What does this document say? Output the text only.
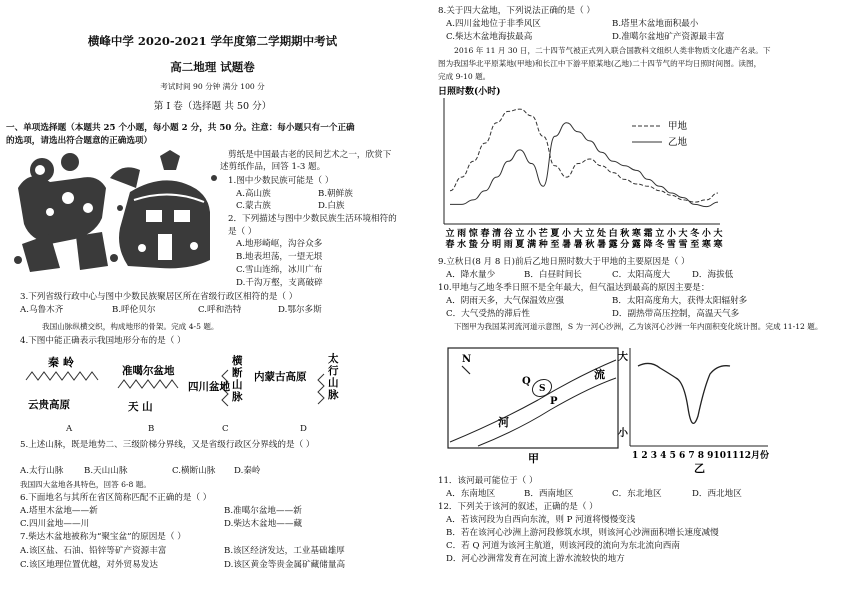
横峰中学 2020-2021 学年度第二学期期中考试
高二地理 试题卷
考试时间 90 分钟 满分 100 分
第 Ⅰ 卷（选择题 共 50 分）
一、单项选择题（本题共 25 个小题，每小题 2 分，共 50 分。注意：每小题只有一个正确
的选项，请选出符合题意的正确选项）
剪纸是中国最古老的民间艺术之一，欣赏下
述剪纸作品，回答 1-3 题。
1.图中少数民族可能是（ ）
A.高山族	B.朝鲜族
C.蒙古族	D.白族
2．下列描述与图中少数民族生活环境相符的
是（ ）
A.地形崎岖，沟谷众多
B.地表坦荡，一望无垠
C.雪山连绵，冰川广布
D.千沟万壑，支离破碎
3.下列省级行政中心与图中少数民族聚居区所在省级行政区相符的是（ ）
A.乌鲁木齐	B.呼伦贝尔	C.呼和浩特	D.鄂尔多斯
我国山脉纵横交织，构成地形的骨架。完成 4-5 题。
4.下图中能正确表示我国地形分布的是（ ）
秦 岭
云贵高原
准噶尔盆地
天 山
四川盆地
内蒙古高原
横
断
山
脉
太
行
山
脉
A	B	C	D
5.上述山脉，既是地势二、三级阶梯分界线，又是省级行政区分界线的是（ ）
A.太行山脉 B.天山山脉	C.横断山脉 D.秦岭
我国四大盆地各具特色，回答 6-8 题。
6.下面地名与其所在省区简称匹配不正确的是（ ）
A.塔里木盆地——新	B.准噶尔盆地——新
C.四川盆地——川	D.柴达木盆地——藏
7.柴达木盆地被称为“聚宝盆”的原因是（ ）
A.该区盐、石油、铅锌等矿产资源丰富	B.该区经济发达，工业基础雄厚
C.该区地理位置优越，对外贸易发达	D.该区黄金等贵金属矿藏储量高
8.关于四大盆地，下列说法正确的是（ ）
A.四川盆地位于非季风区	B.塔里木盆地面积最小
C.柴达木盆地海拔最高	D.准噶尔盆地矿产资源最丰富
2016 年 11 月 30 日，二十四节气被正式列入联合国教科文组织人类非物质文化遗产名录。下
图为我国华北平原某地(甲地)和长江中下游平原某地(乙地)二十四节气的平均日照时间图。读图，
完成 9-10 题。
日照时数(小时)
甲地
乙地
立
春
雨
水
惊
蛰
春
分
清
明
谷
雨
立
夏
小
满
芒
种
夏
至
小
暑
大
暑
立
秋
处
暑
白
露
秋
分
寒
露
霜
降
立
冬
小
雪
大
雪
冬
至
小
寒
大
寒
9.立秋日(8 月 8 日)前后乙地日照时数大于甲地的主要原因是（ ）
A．降水量少	B．白昼时间长	C．太阳高度大	D．海拔低
10.甲地与乙地冬季日照不是全年最大，但气温达到最高的原因主要是：
A．阴雨天多，大气保温效应强	B．太阳高度角大，获得太阳辐射多
C．大气受热的滞后性	D．副热带高压控制，高温天气多
下图甲为我国某河流河道示意图，S 为一河心沙洲，乙为该河心沙洲一年内面积变化统计图。完成 11-12 题。
N
流
河
Q
S
P
甲
大
小
1 2 3 4 5 6 7 8 9101112月份
乙
11．该河最可能位于（ ）
A．东南地区	B．西南地区	C．东北地区	D．西北地区
12．下列关于该河的叙述，正确的是（ ）
A．若该河段为自西向东流，则 P 河道将慢慢变浅
B．若在该河心沙洲上游河段修筑水坝，则该河心沙洲面积增长速度减慢
C．若 Q 河道为该河主航道，则该河段的流向为东北流向西南
D．河心沙洲常发育在河流上游水流较快的地方
